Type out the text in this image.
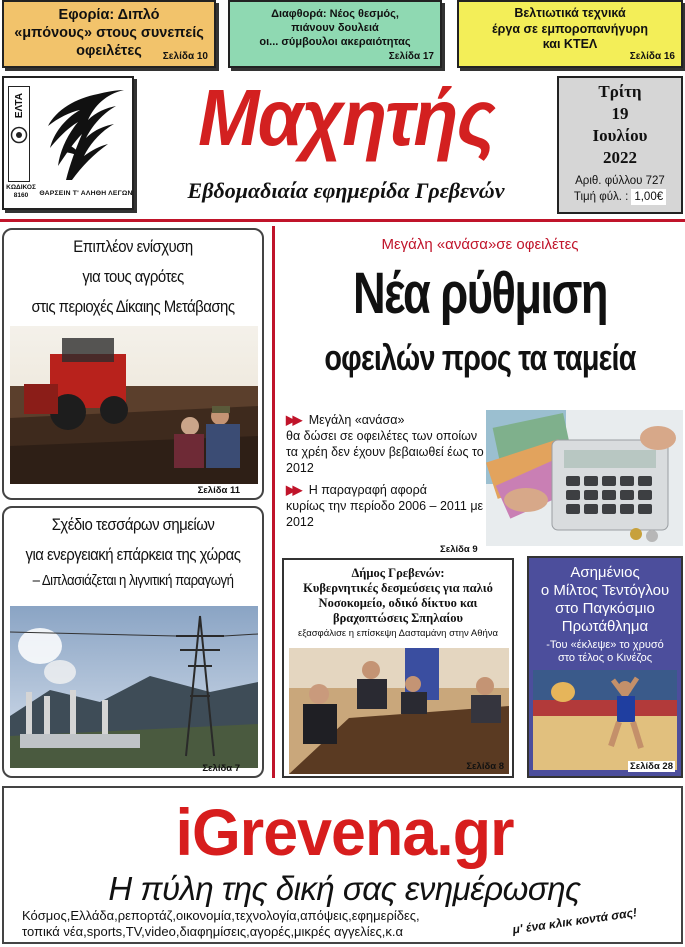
Εφορία: Διπλό
«μπόνους» στους συνεπείς
οφειλέτες	Σελίδα 10
Διαφθορά: Νέος θεσμός,
πιάνουν δουλειά
οι... σύμβουλοι ακεραιότητας
Σελίδα 17
Βελτιωτικά τεχνικά
έργα σε εμποροπανήγυρη
και ΚΤΕΛ
Σελίδα 16
ΕΛΤΑ
ΚΩΔΙΚΟΣ
8160	ΘΑΡΣΕΙΝ Τ' ΑΛΗΘΗ ΛΕΓΩΝ
Μαχητής
Εβδομαδιαία εφημερίδα Γρεβενών
Τρίτη
19
Ιουλίου
2022
Αριθ. φύλλου 727
Τιμή φύλ. : 1,00€
Επιπλέον ενίσχυση
για τους αγρότες
στις περιοχές Δίκαιης Μετάβασης
Σελίδα 11
Σχέδιο τεσσάρων σημείων
για ενεργειακή επάρκεια της χώρας
– Διπλασιάζεται η λιγνιτική παραγωγή
Σελίδα 7
Μεγάλη «ανάσα»σε οφειλέτες
Νέα ρύθμιση
οφειλών προς τα ταμεία

▶▶ Μεγάλη «ανάσα»
θα δώσει σε οφειλέτες των οποίων τα χρέη δεν έχουν βεβαιωθεί έως το 2012

▶▶ Η παραγραφή αφορά
κυρίως την περίοδο 2006 – 2011 με 2012

Σελίδα 9
Δήμος Γρεβενών:
Κυβερνητικές δεσμεύσεις για παλιό
Νοσοκομείο, οδικό δίκτυο και
βραχοπτώσεις Σπηλαίου
εξασφάλισε η επίσκεψη Δασταμάνη στην Αθήνα
Σελίδα 8
Ασημένιος
ο Μίλτος Τεντόγλου
στο Παγκόσμιο
Πρωτάθλημα
-Του «έκλεψε» το χρυσό
στο τέλος ο Κινέζος
Σελίδα 28
iGrevena.gr
Η πύλη της δική σας ενημέρωσης
Κόσμος,Ελλάδα,ρεπορτάζ,οικονομία,τεχνολογία,απόψεις,εφημερίδες,
τοπικά νέα,sports,TV,video,διαφημίσεις,αγορές,μικρές αγγελίες,κ.α	μ' ένα κλικ κοντά σας!
